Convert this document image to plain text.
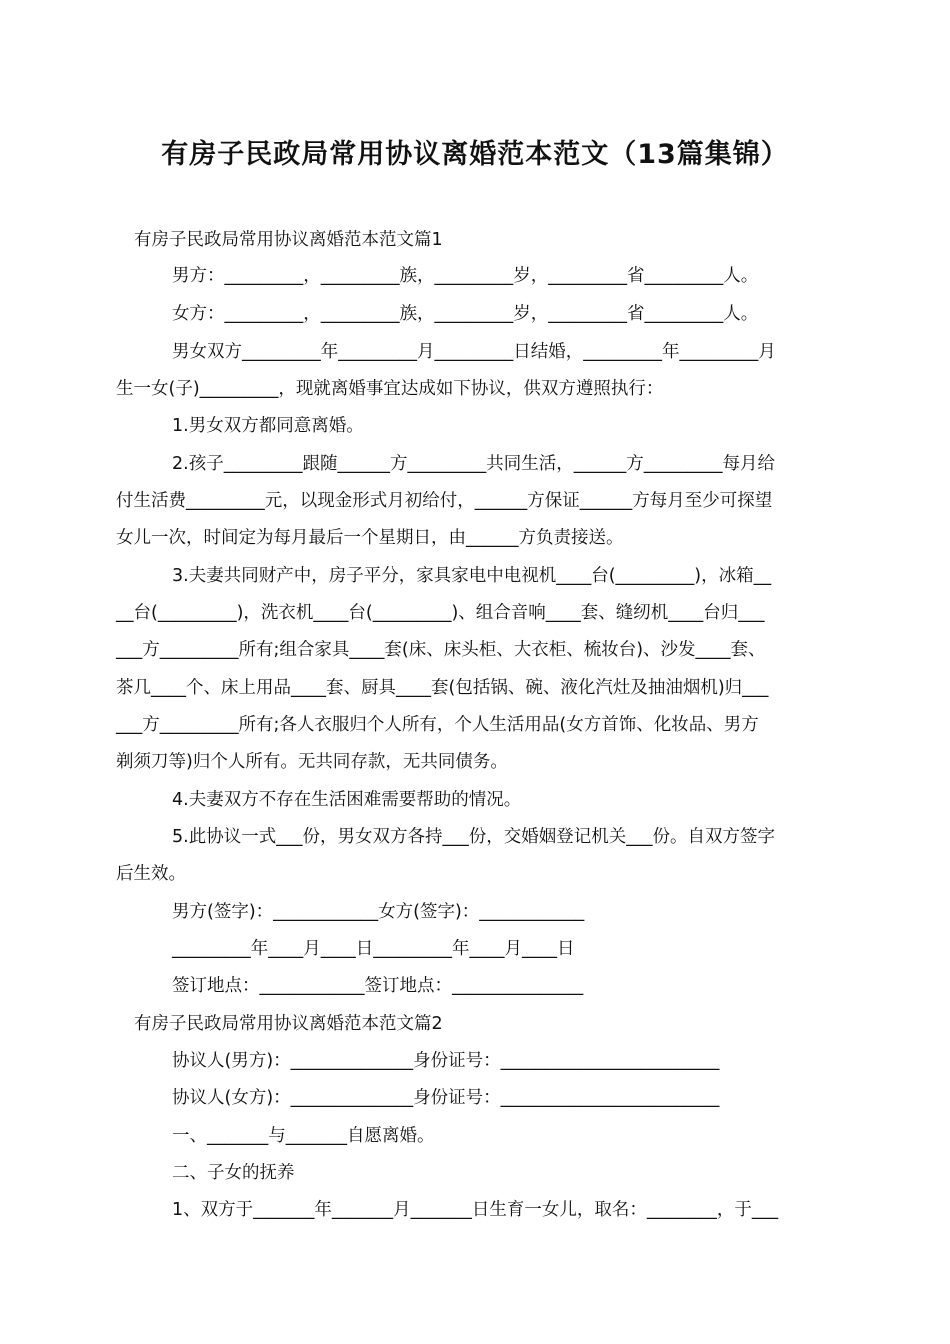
有房子民政局常用协议离婚范本范文（13篇集锦）
有房子民政局常用协议离婚范本范文篇1
男方：_________，_________族，_________岁，_________省_________人。
女方：_________，_________族，_________岁，_________省_________人。
男女双方_________年_________月_________日结婚，_________年_________月
生一女(子)_________，现就离婚事宜达成如下协议，供双方遵照执行：
1.男女双方都同意离婚。
2.孩子_________跟随______方_________共同生活，______方_________每月给
付生活费_________元，以现金形式月初给付，______方保证______方每月至少可探望
女儿一次，时间定为每月最后一个星期日，由______方负责接送。
3.夫妻共同财产中，房子平分，家具家电中电视机____台(_________)，冰箱__
__台(_________)，洗衣机____台(_________)、组合音响____套、缝纫机____台归___
___方_________所有;组合家具____套(床、床头柜、大衣柜、梳妆台)、沙发____套、
茶几____个、床上用品____套、厨具____套(包括锅、碗、液化汽灶及抽油烟机)归___
___方_________所有;各人衣服归个人所有，个人生活用品(女方首饰、化妆品、男方
剃须刀等)归个人所有。无共同存款，无共同债务。
4.夫妻双方不存在生活困难需要帮助的情况。
5.此协议一式___份，男女双方各持___份，交婚姻登记机关___份。自双方签字
后生效。
男方(签字)：____________女方(签字)：____________
_________年____月____日_________年____月____日
签订地点：____________签订地点：_______________
有房子民政局常用协议离婚范本范文篇2
协议人(男方)：______________身份证号：_________________________
协议人(女方)：______________身份证号：_________________________
一、_______与_______自愿离婚。
二、子女的抚养
1、双方于_______年_______月_______日生育一女儿，取名：________，于___
